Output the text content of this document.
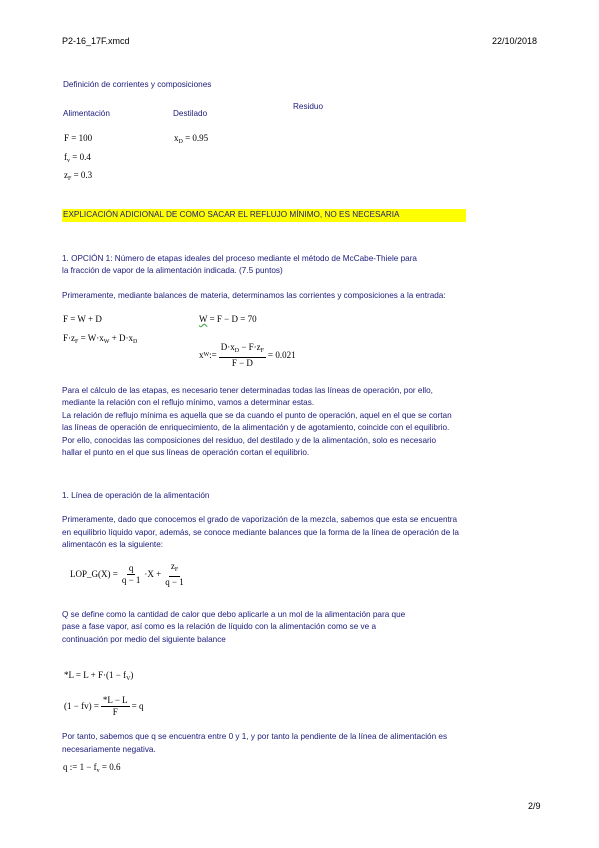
P2-16_17F.xmcd	22/10/2018
Definición de corrientes y composiciones
Alimentación	Destilado
Residuo
F = 100
$f_v = 0.4$
$z_F = 0.3$
$x_D = 0.95$
EXPLICACIÓN ADICIONAL DE COMO SACAR EL REFLUJO MÍNIMO, NO ES NECESARIA
1. OPCIÓN 1: Número de etapas ideales del proceso mediante el método de McCabe-Thiele para
la fracción de vapor de la alimentación indicada. (7.5 puntos)
Primeramente, mediante balances de materia, determinamos las corrientes y composiciones a la entrada:
F = W + D
$F\cdot z_F = W\cdot x_W + D\cdot x_D$
W = F − D = 70
x W := $\frac{D\cdot x_D - F\cdot z_F}{F - D} = 0.021$
Para el cálculo de las etapas, es necesario tener determinadas todas las líneas de operación, por ello,
mediante la relación con el reflujo mínimo, vamos a determinar estas.
La relación de reflujo mínima es aquella que se da cuando el punto de operación, aquel en el que se cortan
las líneas de operación de enriquecimiento, de la alimentación y de agotamiento, coincide con el equilibrio.
Por ello, conocidas las composiciones del residuo, del destilado y de la alimentación, solo es necesario
hallar el punto en el que sus líneas de operación cortan el equilibrio.
1. Línea de operación de la alimentación
Primeramente, dado que conocemos el grado de vaporización de la mezcla, sabemos que esta se encuentra
en equilibrio líquido vapor, además, se conoce mediante balances que la forma de la línea de operación de la
alimentacón es la siguiente:
LOP_G(X) = $\frac{q}{q - 1} \cdot X + \frac{z_F}{q - 1}$
Q se define como la cantidad de calor que debo aplicarle a un mol de la alimentación para que
pase a fase vapor, así como es la relación de líquido con la alimentación como se ve a
continuación por medio del siguiente balance
$*L = L + F\cdot(1 - f_V)$
$(1 - fv) = \frac{*L - L}{F} = q$
Por tanto, sabemos que q se encuentra entre 0 y 1, y por tanto la pendiente de la línea de alimentación es
necesariamente negativa.
q := $1 - f_v = 0.6$
2/9
